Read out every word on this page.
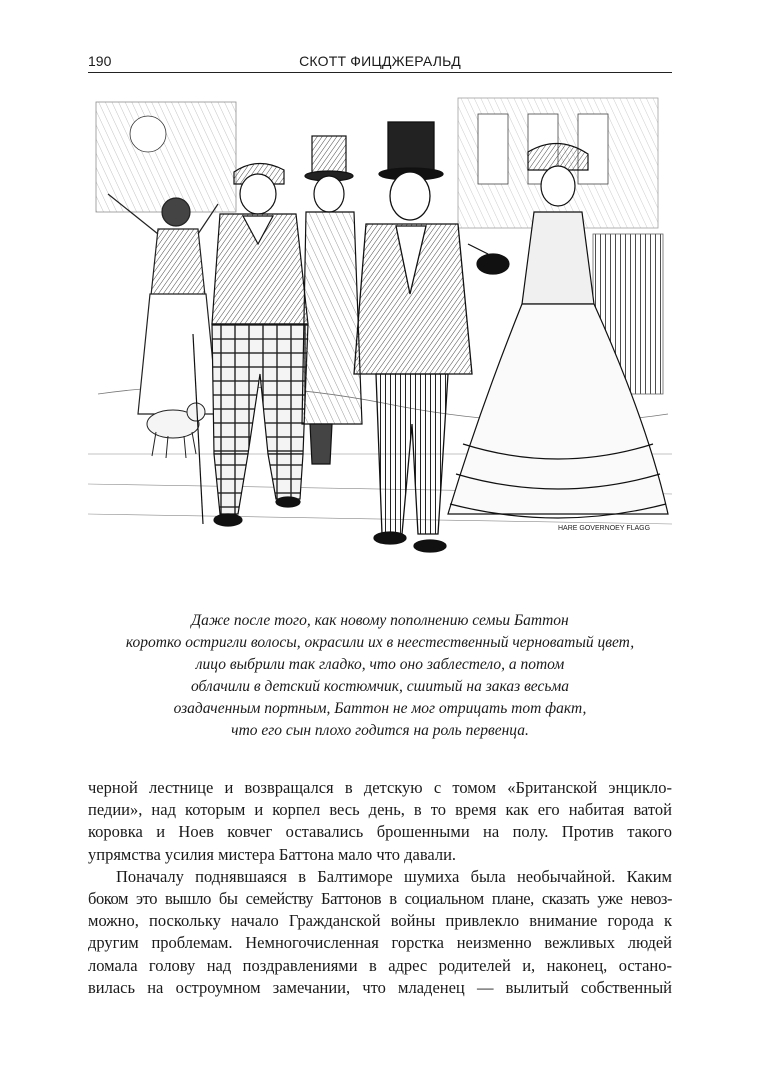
190	СКОТТ ФИЦДЖЕРАЛЬД
HARE GOVERNOEY FLAGG
Даже после того, как новому пополнению семьи Баттон
коротко остригли волосы, окрасили их в неестественный черноватый цвет,
лицо выбрили так гладко, что оно заблестело, а потом
облачили в детский костюмчик, сшитый на заказ весьма
озадаченным портным, Баттон не мог отрицать тот факт,
что его сын плохо годится на роль первенца.
черной лестнице и возвращался в детскую с томом «Британской энцикло-
педии», над которым и корпел весь день, в то время как его набитая ватой
коровка и Ноев ковчег оставались брошенными на полу. Против такого
упрямства усилия мистера Баттона мало что давали.
Поначалу поднявшаяся в Балтиморе шумиха была необычайной. Каким
боком это вышло бы семейству Баттонов в социальном плане, сказать уже невоз-
можно, поскольку начало Гражданской войны привлекло внимание города к
другим проблемам. Немногочисленная горстка неизменно вежливых людей
ломала голову над поздравлениями в адрес родителей и, наконец, остано-
вилась на остроумном замечании, что младенец — вылитый собственный
